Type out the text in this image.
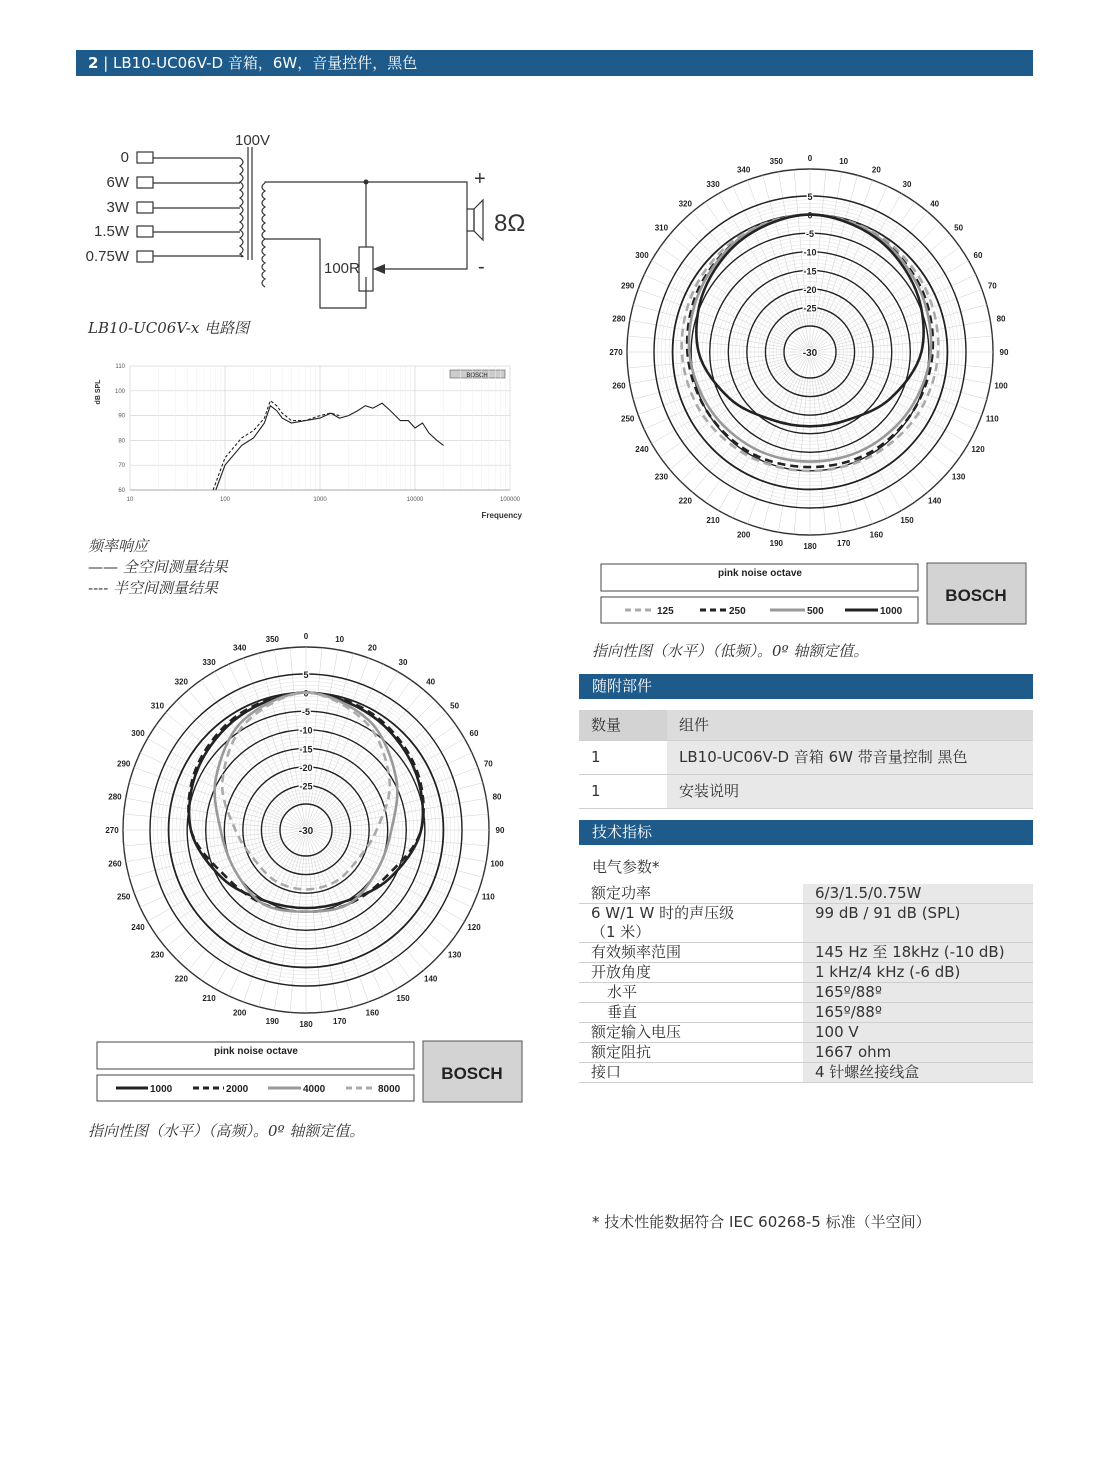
2 | LB10-UC06V-D 音箱，6W，音量控件，黑色
100V
0
6W
3W
1.5W
0.75W
100R
8Ω
+
-
LB10-UC06V-x 电路图
dB SPL
Frequency
BOSCH
60
70
80
90
100
110
10	100	1000	10000	100000
频率响应
—— 全空间测量结果
---- 半空间测量结果
5
0
-5
-10
-15
-20
-25
-30
0	10
20
30
40
50
60
70
80
90
100
110
120
130
140
150
160
170
180
190
200
210
220
230
240
250
260
270
280
290
300
310
320
330
340
350
pink noise octave
125	250	500	1000
BOSCH
指向性图（水平）（低频）。0º 轴额定值。
5
0
-5
-10
-15
-20
-25
-30
0	10
20
30
40
50
60
70
80
90
100
110
120
130
140
150
160
170
180
190
200
210
220
230
240
250
260
270
280
290
300
310
320
330
340
350
pink noise octave
1000	2000	4000	8000
BOSCH
指向性图（水平）（高频）。0º 轴额定值。
随附部件
数量	组件
1	LB10-UC06V-D 音箱 6W 带音量控制 黑色
1	安装说明
技术指标
电气参数*
额定功率	6/3/1.5/0.75W
6 W/1 W 时的声压级
（1 米）	99 dB / 91 dB (SPL)
有效频率范围	145 Hz 至 18kHz (-10 dB)
开放角度	1 kHz/4 kHz (-6 dB)
水平	165º/88º
垂直	165º/88º
额定输入电压	100 V
额定阻抗	1667 ohm
接口	4 针螺丝接线盒
* 技术性能数据符合 IEC 60268-5 标准（半空间）
